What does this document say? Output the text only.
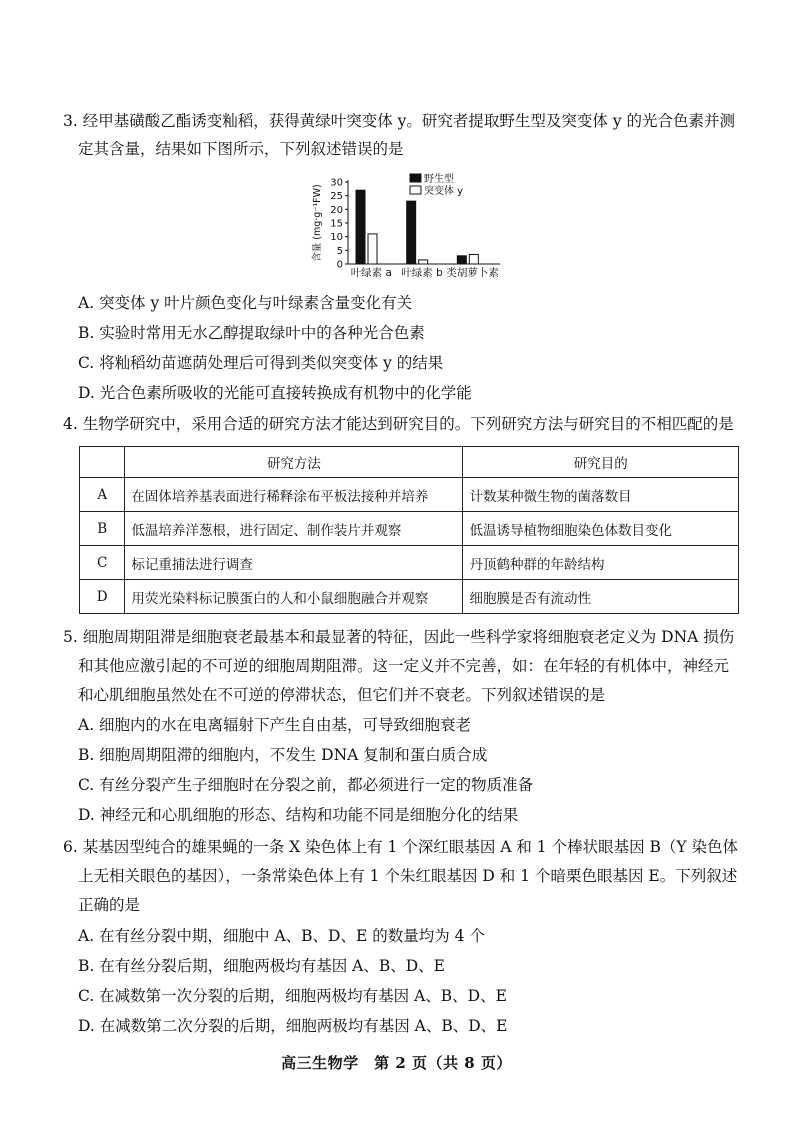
3. 经甲基磺酸乙酯诱变籼稻，获得黄绿叶突变体 y。研究者提取野生型及突变体 y 的光合色素并测
定其含量，结果如下图所示，下列叙述错误的是
0
5
10
15
20
25
30
含量 (mg·g⁻¹FW)
叶绿素 a 叶绿素 b 类胡萝卜素
野生型
突变体 y
A. 突变体 y 叶片颜色变化与叶绿素含量变化有关
B. 实验时常用无水乙醇提取绿叶中的各种光合色素
C. 将籼稻幼苗遮荫处理后可得到类似突变体 y 的结果
D. 光合色素所吸收的光能可直接转换成有机物中的化学能
4. 生物学研究中，采用合适的研究方法才能达到研究目的。下列研究方法与研究目的不相匹配的是
	研究方法	研究目的
A	在固体培养基表面进行稀释涂布平板法接种并培养	计数某种微生物的菌落数目
B	低温培养洋葱根，进行固定、制作装片并观察	低温诱导植物细胞染色体数目变化
C	标记重捕法进行调查	丹顶鹤种群的年龄结构
D	用荧光染料标记膜蛋白的人和小鼠细胞融合并观察	细胞膜是否有流动性
5. 细胞周期阻滞是细胞衰老最基本和最显著的特征，因此一些科学家将细胞衰老定义为 DNA 损伤
和其他应激引起的不可逆的细胞周期阻滞。这一定义并不完善，如：在年轻的有机体中，神经元
和心肌细胞虽然处在不可逆的停滞状态，但它们并不衰老。下列叙述错误的是
A. 细胞内的水在电离辐射下产生自由基，可导致细胞衰老
B. 细胞周期阻滞的细胞内，不发生 DNA 复制和蛋白质合成
C. 有丝分裂产生子细胞时在分裂之前，都必须进行一定的物质准备
D. 神经元和心肌细胞的形态、结构和功能不同是细胞分化的结果
6. 某基因型纯合的雄果蝇的一条 X 染色体上有 1 个深红眼基因 A 和 1 个棒状眼基因 B（Y 染色体
上无相关眼色的基因），一条常染色体上有 1 个朱红眼基因 D 和 1 个暗栗色眼基因 E。下列叙述
正确的是
A. 在有丝分裂中期，细胞中 A、B、D、E 的数量均为 4 个
B. 在有丝分裂后期，细胞两极均有基因 A、B、D、E
C. 在减数第一次分裂的后期，细胞两极均有基因 A、B、D、E
D. 在减数第二次分裂的后期，细胞两极均有基因 A、B、D、E
高三生物学　第 2 页（共 8 页）
